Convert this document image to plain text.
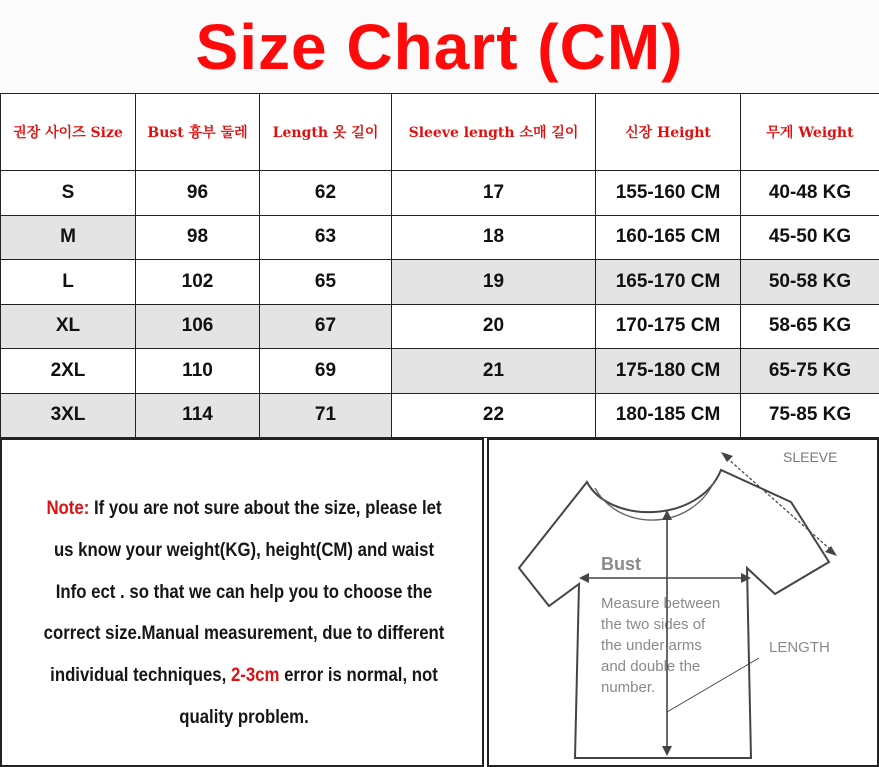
Size Chart (CM)
권장 사이즈 Size	Bust 흉부 둘레	Length 옷 길이	Sleeve length 소매 길이	신장 Height	무게 Weight
S	96	62	17	155-160 CM	40-48 KG
M	98	63	18	160-165 CM	45-50 KG
L	102	65	19	165-170 CM	50-58 KG
XL	106	67	20	170-175 CM	58-65 KG
2XL	110	69	21	175-180 CM	65-75 KG
3XL	114	71	22	180-185 CM	75-85 KG
Note: If you are not sure about the size, please let us know your weight(KG), height(CM) and waist Info ect . so that we can help you to choose the correct size.Manual measurement, due to different individual techniques, 2-3cm error is normal, not quality problem.
SLEEVE
Bust
Measure between the two sides of the under arms and double the number.
LENGTH
